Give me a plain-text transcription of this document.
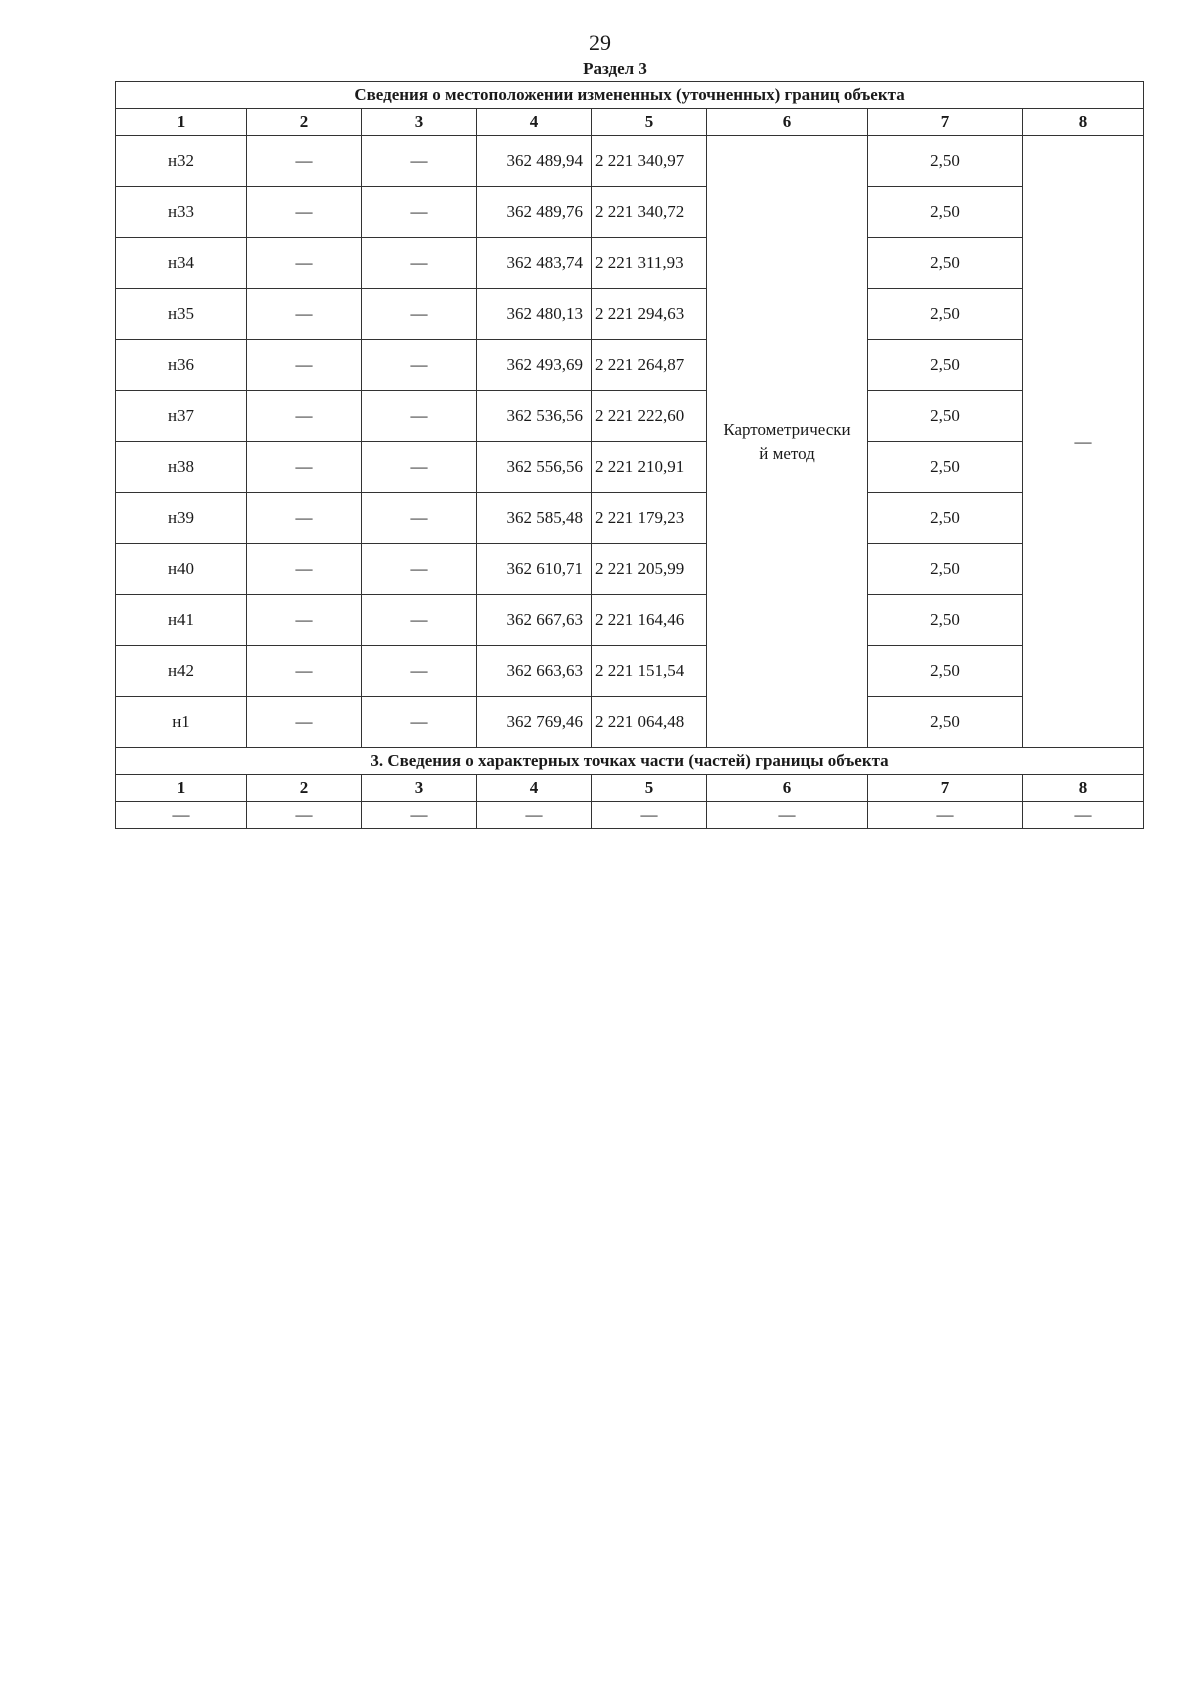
29
Раздел 3
Сведения о местоположении измененных (уточненных) границ объекта							
1	2	3	4	5	6	7	8
н32	—	—	362 489,94	2 221 340,97	Картометрически
й метод	2,50	—
н33	—	—	362 489,76	2 221 340,72		2,50	
н34	—	—	362 483,74	2 221 311,93		2,50	
н35	—	—	362 480,13	2 221 294,63		2,50	
н36	—	—	362 493,69	2 221 264,87		2,50	
н37	—	—	362 536,56	2 221 222,60		2,50	
н38	—	—	362 556,56	2 221 210,91		2,50	
н39	—	—	362 585,48	2 221 179,23		2,50	
н40	—	—	362 610,71	2 221 205,99		2,50	
н41	—	—	362 667,63	2 221 164,46		2,50	
н42	—	—	362 663,63	2 221 151,54		2,50	
н1	—	—	362 769,46	2 221 064,48		2,50	
3. Сведения о характерных точках части (частей) границы объекта							
1	2	3	4	5	6	7	8
—	—	—	—	—	—	—	—
